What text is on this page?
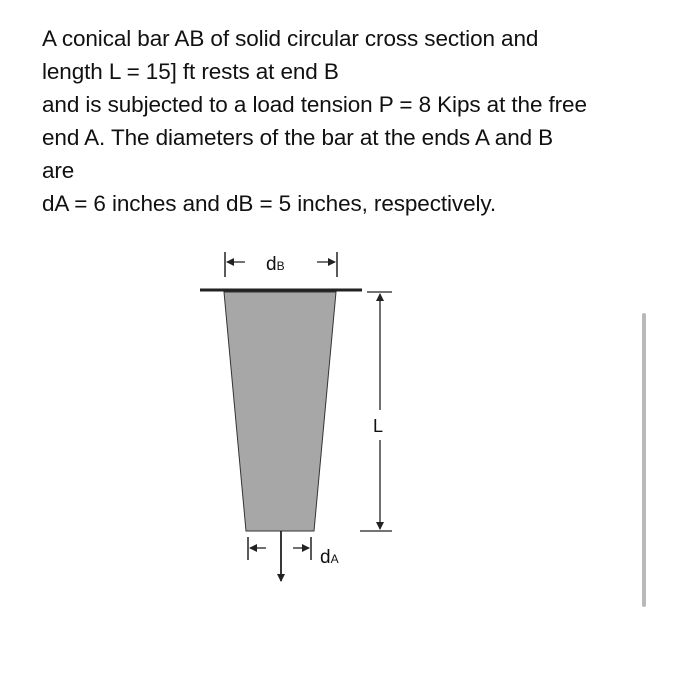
A conical bar AB of solid circular cross section and
length L = 15] ft rests at end B
and is subjected to a load tension P = 8 Kips at the free
end A. The diameters of the bar at the ends A and B
are
dA = 6 inches and dB = 5 inches, respectively.
dB
L
dA
